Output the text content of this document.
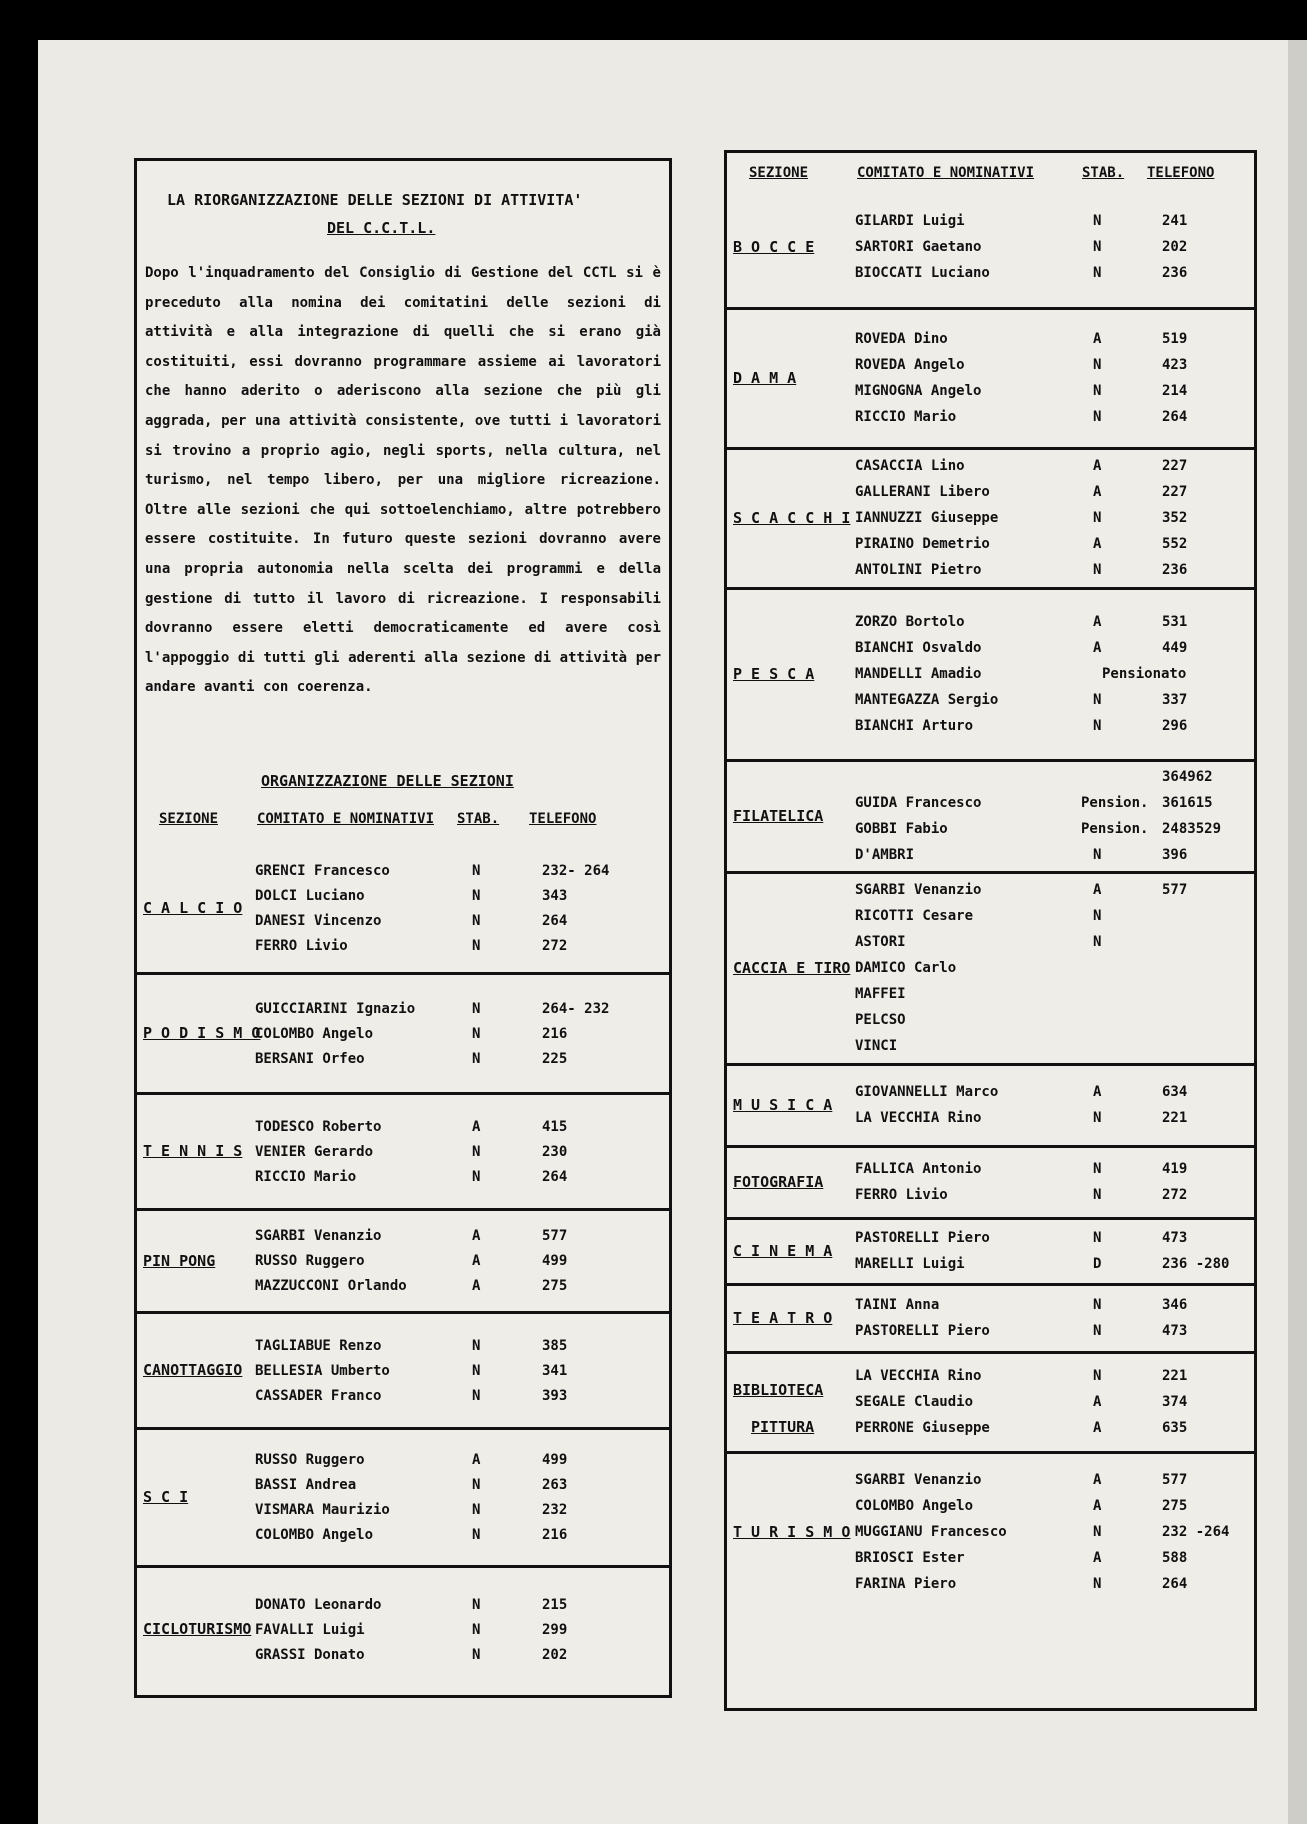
LA RIORGANIZZAZIONE DELLE SEZIONI DI ATTIVITA'
DEL C.C.T.L.
Dopo l'inquadramento del Consiglio di Gestione del CCTL si è preceduto alla nomina dei comitatini delle sezioni di attività e alla integrazione di quelli che si erano già costituiti, essi dovranno programmare assieme ai lavoratori che hanno aderito o aderiscono alla sezione che più gli aggrada, per una attività consistente, ove tutti i lavoratori si trovino a proprio agio, negli sports, nella cultura, nel turismo, nel tempo libero, per una migliore ricreazione. Oltre alle sezioni che qui sottoelenchiamo, altre potrebbero essere costituite. In futuro queste sezioni dovranno avere una propria autonomia nella scelta dei programmi e della gestione di tutto il lavoro di ricreazione. I responsabili dovranno essere eletti democraticamente ed avere così l'appoggio di tutti gli aderenti alla sezione di attività per andare avanti con coerenza.
ORGANIZZAZIONE DELLE SEZIONI
SEZIONE	COMITATO E NOMINATIVI STAB. TELEFONO
C A L C I O
GRENCI Francesco	N	232- 264
DOLCI Luciano	N	343
DANESI Vincenzo	N	264
FERRO Livio	N	272
P O D I S M O
GUICCIARINI Ignazio	N	264- 232
COLOMBO Angelo	N	216
BERSANI Orfeo	N	225
T E N N I S
TODESCO Roberto	A	415
VENIER Gerardo	N	230
RICCIO Mario	N	264
PIN PONG
SGARBI Venanzio	A	577
RUSSO Ruggero	A	499
MAZZUCCONI Orlando	A	275
CANOTTAGGIO
TAGLIABUE Renzo	N	385
BELLESIA Umberto	N	341
CASSADER Franco	N	393
S C I
RUSSO Ruggero	A	499
BASSI Andrea	N	263
VISMARA Maurizio	N	232
COLOMBO Angelo	N	216
CICLOTURISMO
DONATO Leonardo	N	215
FAVALLI Luigi	N	299
GRASSI Donato	N	202
SEZIONE	COMITATO E NOMINATIVI	STAB. TELEFONO
B O C C E
GILARDI Luigi	N	241
SARTORI Gaetano	N	202
BIOCCATI Luciano	N	236
D A M A
ROVEDA Dino	A	519
ROVEDA Angelo	N	423
MIGNOGNA Angelo	N	214
RICCIO Mario	N	264
S C A C C H I
CASACCIA Lino	A	227
GALLERANI Libero	A	227
IANNUZZI Giuseppe	N	352
PIRAINO Demetrio	A	552
ANTOLINI Pietro	N	236
P E S C A
ZORZO Bortolo	A	531
BIANCHI Osvaldo	A	449
MANDELLI Amadio	Pensionato
MANTEGAZZA Sergio	N	337
BIANCHI Arturo	N	296
FILATELICA
364962
GUIDA Francesco	Pension. 361615
GOBBI Fabio	Pension. 2483529
D'AMBRI	N	396
CACCIA E TIRO
SGARBI Venanzio	A	577
RICOTTI Cesare	N
ASTORI	N
DAMICO Carlo
MAFFEI
PELCSO
VINCI
M U S I C A
GIOVANNELLI Marco	A	634
LA VECCHIA Rino	N	221
FOTOGRAFIA
FALLICA Antonio	N	419
FERRO Livio	N	272
C I N E M A
PASTORELLI Piero	N	473
MARELLI Luigi	D	236 -280
T E A T R O
TAINI Anna	N	346
PASTORELLI Piero	N	473
BIBLIOTECA
PITTURA
LA VECCHIA Rino	N	221
SEGALE Claudio	A	374
PERRONE Giuseppe	A	635
T U R I S M O
SGARBI Venanzio	A	577
COLOMBO Angelo	A	275
MUGGIANU Francesco	N	232 -264
BRIOSCI Ester	A	588
FARINA Piero	N	264
